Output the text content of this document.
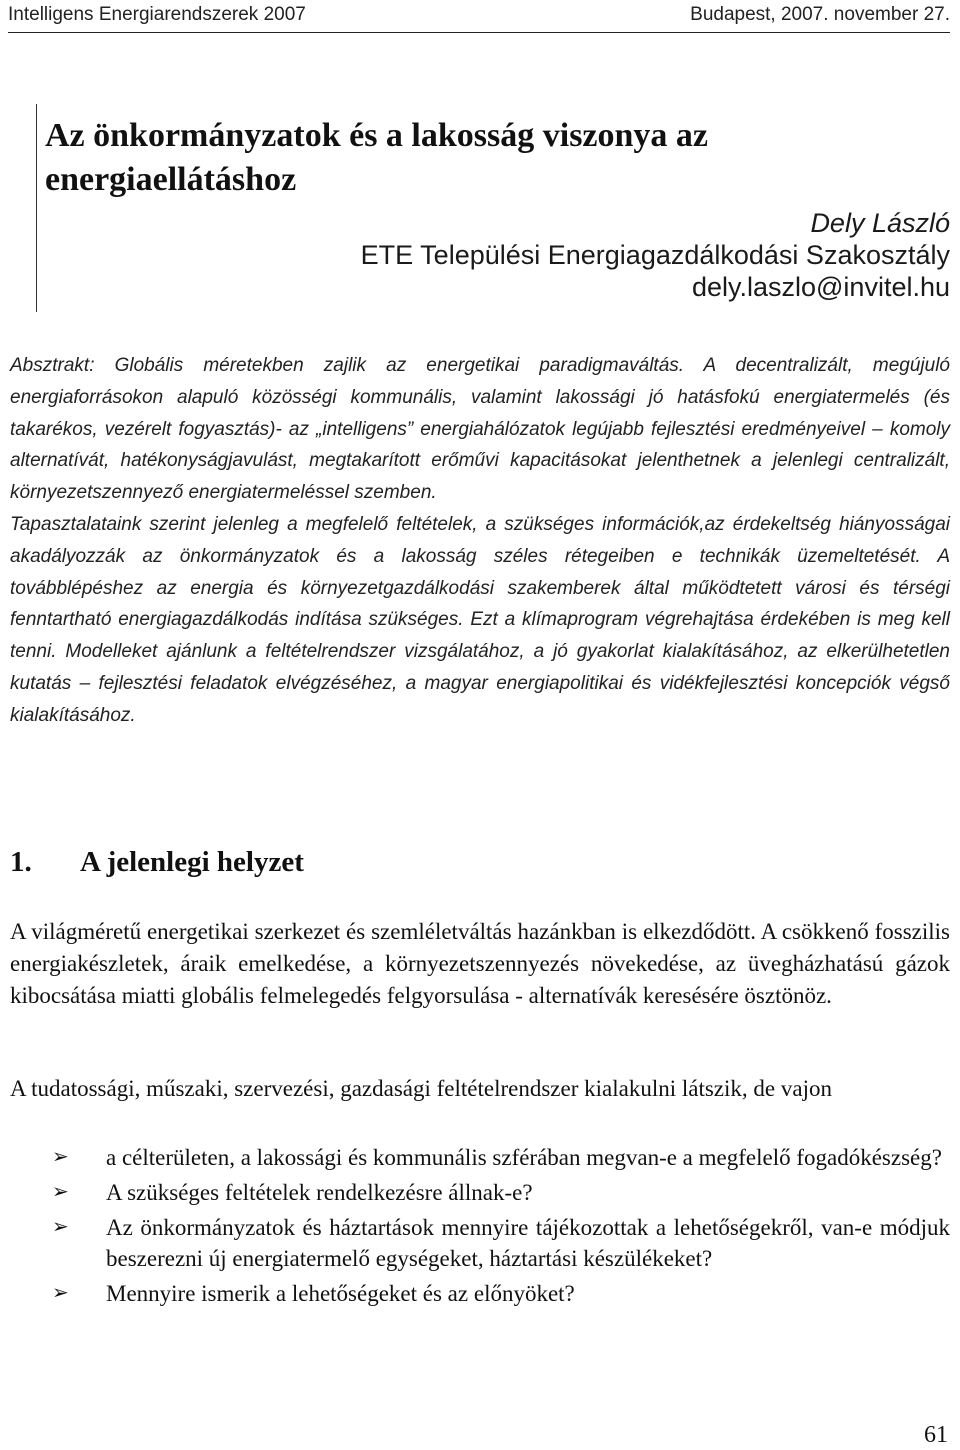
Intelligens Energiarendszerek 2007	Budapest, 2007. november 27.
Az önkormányzatok és a lakosság viszonya az
energiaellátáshoz
Dely László
ETE Települési Energiagazdálkodási Szakosztály
dely.laszlo@invitel.hu

Absztrakt: Globális méretekben zajlik az energetikai paradigmaváltás. A decentralizált, megújuló energiaforrásokon alapuló közösségi kommunális, valamint lakossági jó hatásfokú energiatermelés (és takarékos, vezérelt fogyasztás)- az „intelligens” energiahálózatok legújabb fejlesztési eredményeivel – komoly alternatívát, hatékonyságjavulást, megtakarított erőművi kapacitásokat jelenthetnek a jelenlegi centralizált, környezetszennyező energiatermeléssel szemben.

Tapasztalataink szerint jelenleg a megfelelő feltételek, a szükséges információk,az érdekeltség hiányosságai akadályozzák az önkormányzatok és a lakosság széles rétegeiben e technikák üzemeltetését. A továbblépéshez az energia és környezetgazdálkodási szakemberek által működtetett városi és térségi fenntartható energiagazdálkodás indítása szükséges. Ezt a klímaprogram végrehajtása érdekében is meg kell tenni. Modelleket ajánlunk a feltételrendszer vizsgálatához, a jó gyakorlat kialakításához, az elkerülhetetlen kutatás – fejlesztési feladatok elvégzéséhez, a magyar energiapolitikai és vidékfejlesztési koncepciók végső kialakításához.

1. A jelenlegi helyzet

A világméretű energetikai szerkezet és szemléletváltás hazánkban is elkezdődött. A csökkenő fosszilis energiakészletek, áraik emelkedése, a környezetszennyezés növekedése, az üvegházhatású gázok kibocsátása miatti globális felmelegedés felgyorsulása - alternatívák keresésére ösztönöz.

A tudatossági, műszaki, szervezési, gazdasági feltételrendszer kialakulni látszik, de vajon

➢ a célterületen, a lakossági és kommunális szférában megvan-e a megfelelő fogadókészség?
➢ A szükséges feltételek rendelkezésre állnak-e?
➢ Az önkormányzatok és háztartások mennyire tájékozottak a lehetőségekről, van-e módjuk beszerezni új energiatermelő egységeket, háztartási készülékeket?
➢ Mennyire ismerik a lehetőségeket és az előnyöket?
61
